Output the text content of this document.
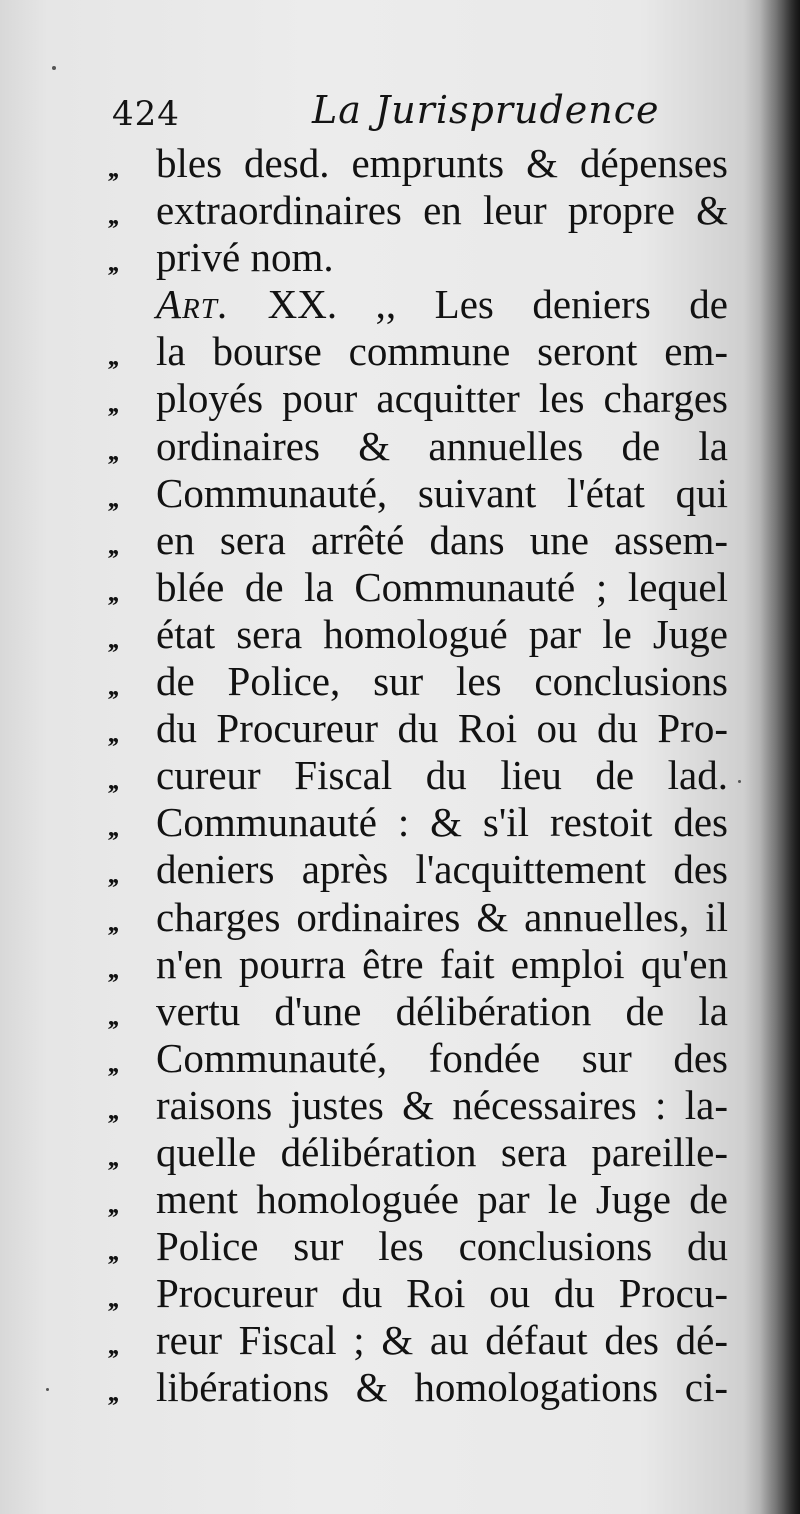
424	La Jurisprudence
,, bles desd. emprunts & dépenses
,, extraordinaires en leur propre &
,, privé nom.
Art. XX. ,, Les deniers de
,, la bourse commune seront em-
,, ployés pour acquitter les charges
,, ordinaires & annuelles de la
,, Communauté, suivant l'état qui
,, en sera arrêté dans une assem-
,, blée de la Communauté ; lequel
,, état sera homologué par le Juge
,, de Police, sur les conclusions
,, du Procureur du Roi ou du Pro-
,, cureur Fiscal du lieu de lad.
,, Communauté : & s'il restoit des
,, deniers après l'acquittement des
,, charges ordinaires & annuelles, il
,, n'en pourra être fait emploi qu'en
,, vertu d'une délibération de la
,, Communauté, fondée sur des
,, raisons justes & nécessaires : la-
,, quelle délibération sera pareille-
,, ment homologuée par le Juge de
,, Police sur les conclusions du
,, Procureur du Roi ou du Procu-
,, reur Fiscal ; & au défaut des dé-
,, libérations & homologations ci-
